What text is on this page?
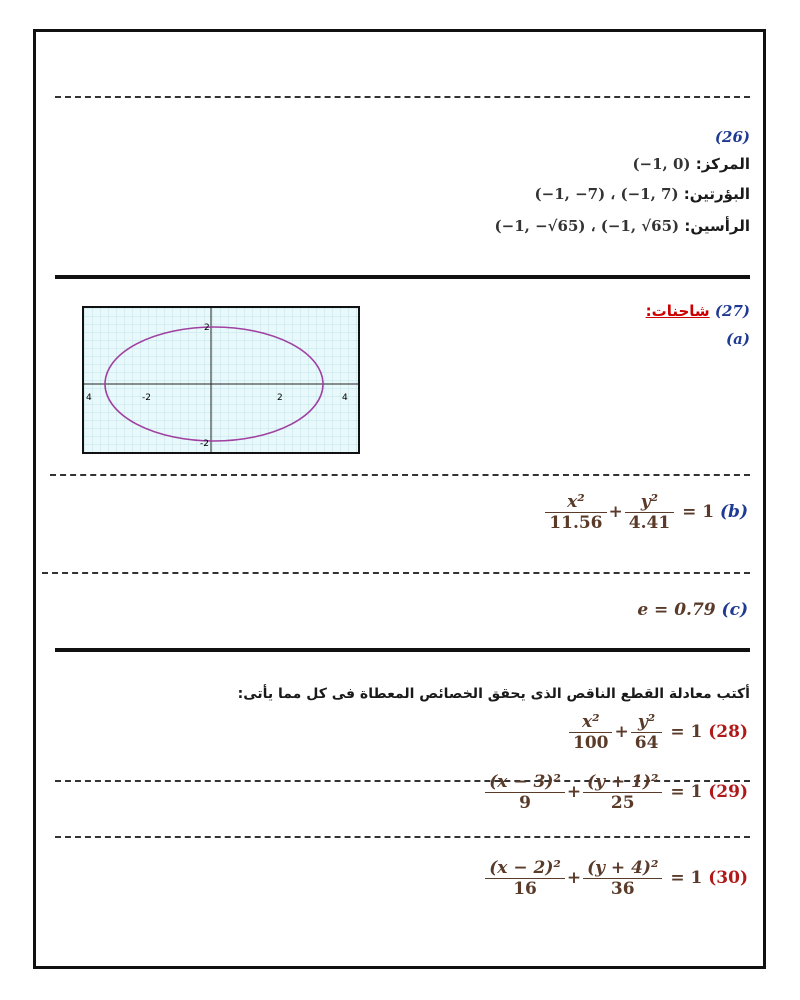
(26)
المركز: (−1, 0)
البؤرتين: (−1, −7) ، (−1, 7)
الرأسين: (−1, −√65) ، (−1, √65)
(27) شاحنات:
(a)
4	-2	2	4
2
-2
$\frac{\text{x²}}{11.56} + \frac{\text{y²}}{4.41} = 1$ (b)
e = 0.79 (c)
أكتب معادلة القطع الناقص الذى يحقق الخصائص المعطاة فى كل مما يأتى:
$\frac{\text{x²}}{100} + \frac{\text{y²}}{64} = 1$ (28)
$\frac{\text{(x − 3)²}}{9} + \frac{\text{(y + 1)²}}{25} = 1$ (29)
$\frac{\text{(x − 2)²}}{16} + \frac{\text{(y + 4)²}}{36} = 1$ (30)
